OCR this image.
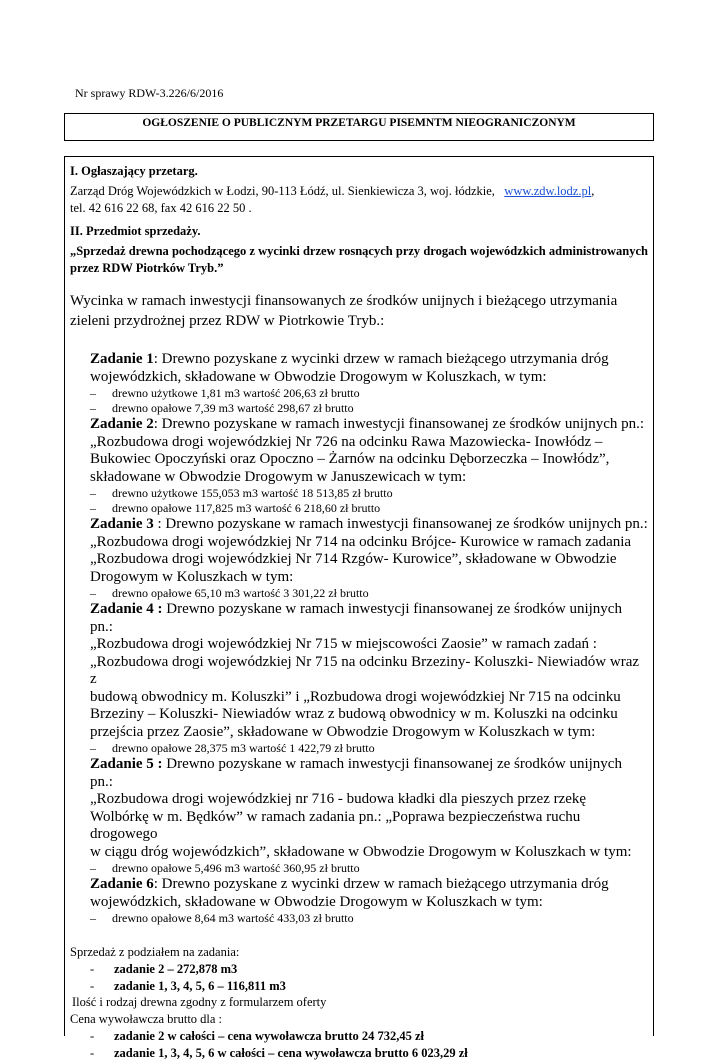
Nr sprawy RDW-3.226/6/2016
OGŁOSZENIE O PUBLICZNYM PRZETARGU PISEMNTM NIEOGRANICZONYM

I. Ogłaszający przetarg.

Zarząd Dróg Wojewódzkich w Łodzi, 90-113 Łódź, ul. Sienkiewicza 3, woj. łódzkie, www.zdw.lodz.pl,

tel. 42 616 22 68, fax 42 616 22 50 .

II. Przedmiot sprzedaży.

„Sprzedaż drewna pochodzącego z wycinki drzew rosnących przy drogach wojewódzkich administrowanych przez RDW Piotrków Tryb.”

Wycinka w ramach inwestycji finansowanych ze środków unijnych i bieżącego utrzymania zieleni przydrożnej przez RDW w Piotrkowie Tryb.:

Zadanie 1: Drewno pozyskane z wycinki drzew w ramach bieżącego utrzymania dróg
wojewódzkich, składowane w Obwodzie Drogowym w Koluszkach, w tym:
– drewno użytkowe 1,81 m3 wartość 206,63 zł brutto
– drewno opałowe 7,39 m3 wartość 298,67 zł brutto
Zadanie 2: Drewno pozyskane w ramach inwestycji finansowanej ze środków unijnych pn.:
„Rozbudowa drogi wojewódzkiej Nr 726 na odcinku Rawa Mazowiecka- Inowłódz –
Bukowiec Opoczyński oraz Opoczno – Żarnów na odcinku Dęborzeczka – Inowłódz”,
składowane w Obwodzie Drogowym w Januszewicach w tym:
– drewno użytkowe 155,053 m3 wartość 18 513,85 zł brutto
– drewno opałowe 117,825 m3 wartość 6 218,60 zł brutto
Zadanie 3 : Drewno pozyskane w ramach inwestycji finansowanej ze środków unijnych pn.:
„Rozbudowa drogi wojewódzkiej Nr 714 na odcinku Brójce- Kurowice w ramach zadania
„Rozbudowa drogi wojewódzkiej Nr 714 Rzgów- Kurowice”, składowane w Obwodzie
Drogowym w Koluszkach w tym:
– drewno opałowe 65,10 m3 wartość 3 301,22 zł brutto
Zadanie 4 : Drewno pozyskane w ramach inwestycji finansowanej ze środków unijnych pn.:
„Rozbudowa drogi wojewódzkiej Nr 715 w miejscowości Zaosie” w ramach zadań :
„Rozbudowa drogi wojewódzkiej Nr 715 na odcinku Brzeziny- Koluszki- Niewiadów wraz z
budową obwodnicy m. Koluszki” i „Rozbudowa drogi wojewódzkiej Nr 715 na odcinku
Brzeziny – Koluszki- Niewiadów wraz z budową obwodnicy w m. Koluszki na odcinku
przejścia przez Zaosie”, składowane w Obwodzie Drogowym w Koluszkach w tym:
– drewno opałowe 28,375 m3 wartość 1 422,79 zł brutto
Zadanie 5 : Drewno pozyskane w ramach inwestycji finansowanej ze środków unijnych pn.:
„Rozbudowa drogi wojewódzkiej nr 716 - budowa kładki dla pieszych przez rzekę
Wolbórkę w m. Będków” w ramach zadania pn.: „Poprawa bezpieczeństwa ruchu drogowego
w ciągu dróg wojewódzkich”, składowane w Obwodzie Drogowym w Koluszkach w tym:
– drewno opałowe 5,496 m3 wartość 360,95 zł brutto
Zadanie 6: Drewno pozyskane z wycinki drzew w ramach bieżącego utrzymania dróg
wojewódzkich, składowane w Obwodzie Drogowym w Koluszkach w tym:
– drewno opałowe 8,64 m3 wartość 433,03 zł brutto

Sprzedaż z podziałem na zadania:

- zadanie 2 – 272,878 m3
- zadanie 1, 3, 4, 5, 6 – 116,811 m3

Ilość i rodzaj drewna zgodny z formularzem oferty

Cena wywoławcza brutto dla :

- zadanie 2 w całości – cena wywoławcza brutto 24 732,45 zł
- zadanie 1, 3, 4, 5, 6 w całości – cena wywoławcza brutto 6 023,29 zł
